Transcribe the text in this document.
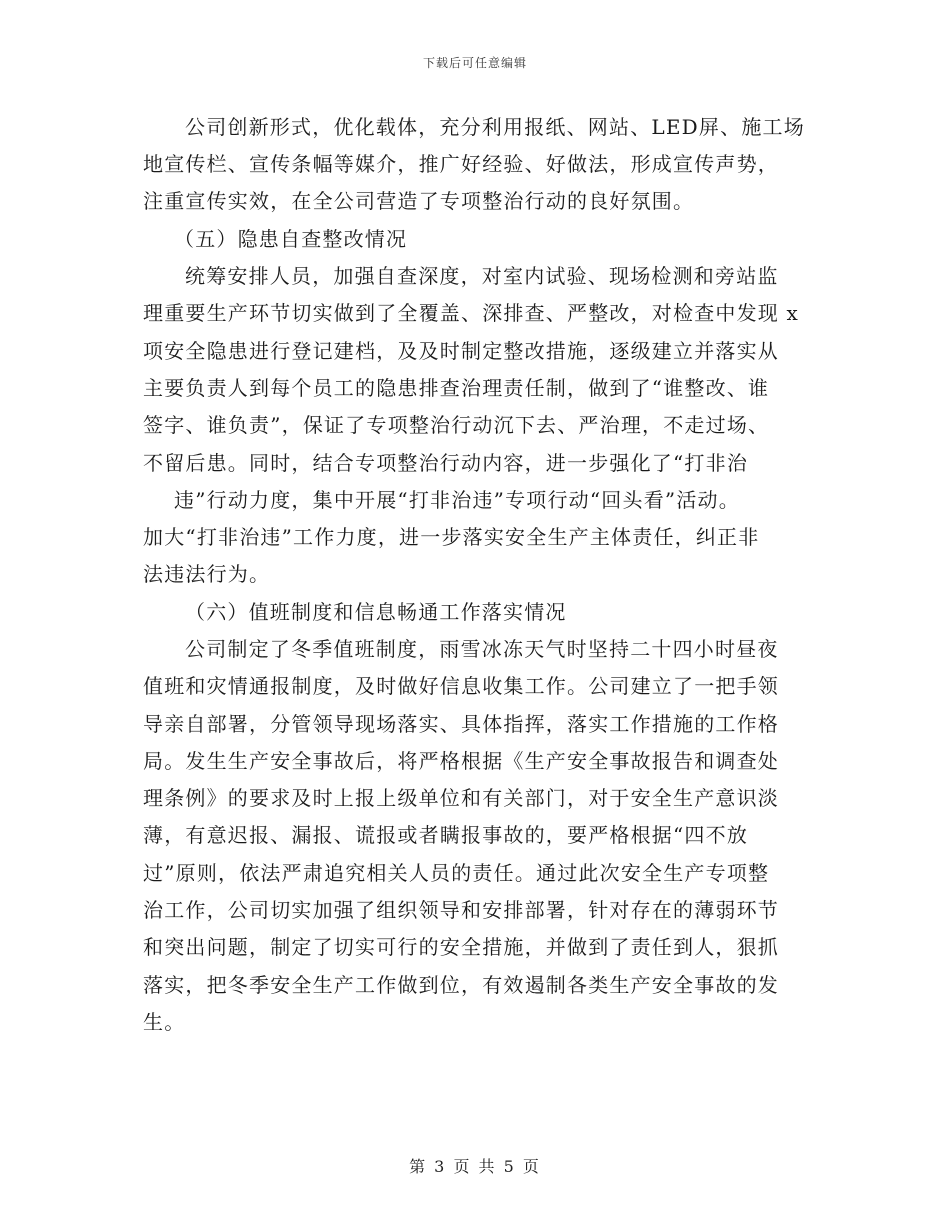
下载后可任意编辑
公司创新形式，优化载体，充分利用报纸、网站、LED屏、施工场
地宣传栏、宣传条幅等媒介，推广好经验、好做法，形成宣传声势，
注重宣传实效，在全公司营造了专项整治行动的良好氛围。
（五）隐患自查整改情况
统筹安排人员，加强自查深度，对室内试验、现场检测和旁站监
理重要生产环节切实做到了全覆盖、深排查、严整改，对检查中发现 x
项安全隐患进行登记建档，及及时制定整改措施，逐级建立并落实从
主要负责人到每个员工的隐患排查治理责任制，做到了“谁整改、谁
签字、谁负责”，保证了专项整治行动沉下去、严治理，不走过场、
不留后患。同时，结合专项整治行动内容，进一步强化了“打非治
违”行动力度，集中开展“打非治违”专项行动“回头看”活动。
加大“打非治违”工作力度，进一步落实安全生产主体责任，纠正非
法违法行为。
（六）值班制度和信息畅通工作落实情况
公司制定了冬季值班制度，雨雪冰冻天气时坚持二十四小时昼夜
值班和灾情通报制度，及时做好信息收集工作。公司建立了一把手领
导亲自部署，分管领导现场落实、具体指挥，落实工作措施的工作格
局。发生生产安全事故后，将严格根据《生产安全事故报告和调查处
理条例》的要求及时上报上级单位和有关部门，对于安全生产意识淡
薄，有意迟报、漏报、谎报或者瞒报事故的，要严格根据“四不放
过”原则，依法严肃追究相关人员的责任。通过此次安全生产专项整
治工作，公司切实加强了组织领导和安排部署，针对存在的薄弱环节
和突出问题，制定了切实可行的安全措施，并做到了责任到人，狠抓
落实，把冬季安全生产工作做到位，有效遏制各类生产安全事故的发
生。
第 3 页 共 5 页
